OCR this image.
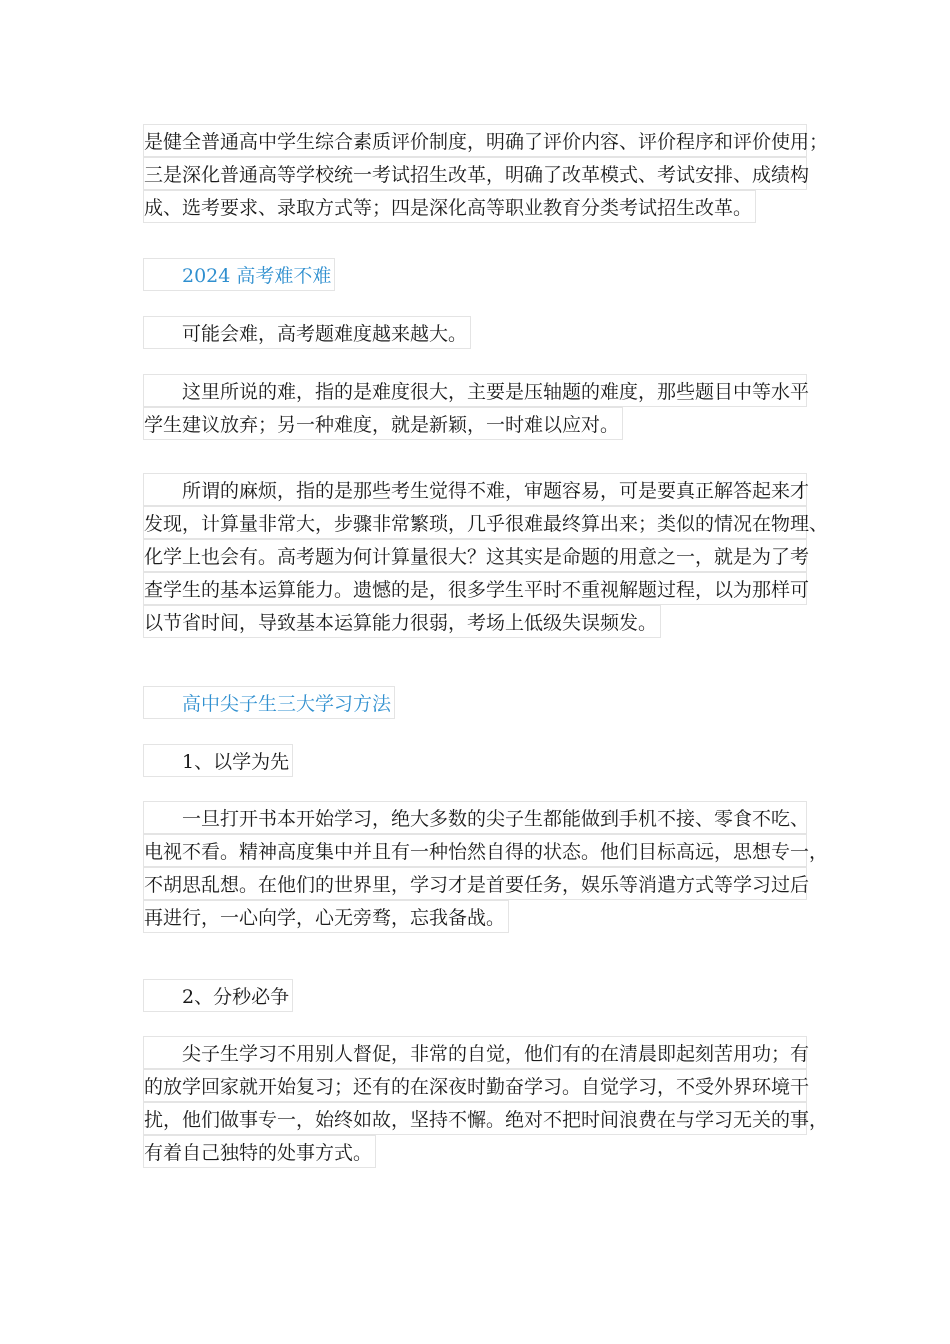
是健全普通高中学生综合素质评价制度，明确了评价内容、评价程序和评价使用；
三是深化普通高等学校统一考试招生改革，明确了改革模式、考试安排、成绩构
成、选考要求、录取方式等；四是深化高等职业教育分类考试招生改革。
2024 高考难不难
可能会难，高考题难度越来越大。
这里所说的难，指的是难度很大，主要是压轴题的难度，那些题目中等水平
学生建议放弃；另一种难度，就是新颖，一时难以应对。
所谓的麻烦，指的是那些考生觉得不难，审题容易，可是要真正解答起来才
发现，计算量非常大，步骤非常繁琐，几乎很难最终算出来；类似的情况在物理、
化学上也会有。高考题为何计算量很大？这其实是命题的用意之一，就是为了考
查学生的基本运算能力。遗憾的是，很多学生平时不重视解题过程，以为那样可
以节省时间，导致基本运算能力很弱，考场上低级失误频发。
高中尖子生三大学习方法
1、以学为先
一旦打开书本开始学习，绝大多数的尖子生都能做到手机不接、零食不吃、
电视不看。精神高度集中并且有一种怡然自得的状态。他们目标高远，思想专一，
不胡思乱想。在他们的世界里，学习才是首要任务，娱乐等消遣方式等学习过后
再进行，一心向学，心无旁骛，忘我备战。
2、分秒必争
尖子生学习不用别人督促，非常的自觉，他们有的在清晨即起刻苦用功；有
的放学回家就开始复习；还有的在深夜时勤奋学习。自觉学习，不受外界环境干
扰，他们做事专一，始终如故，坚持不懈。绝对不把时间浪费在与学习无关的事，
有着自己独特的处事方式。
